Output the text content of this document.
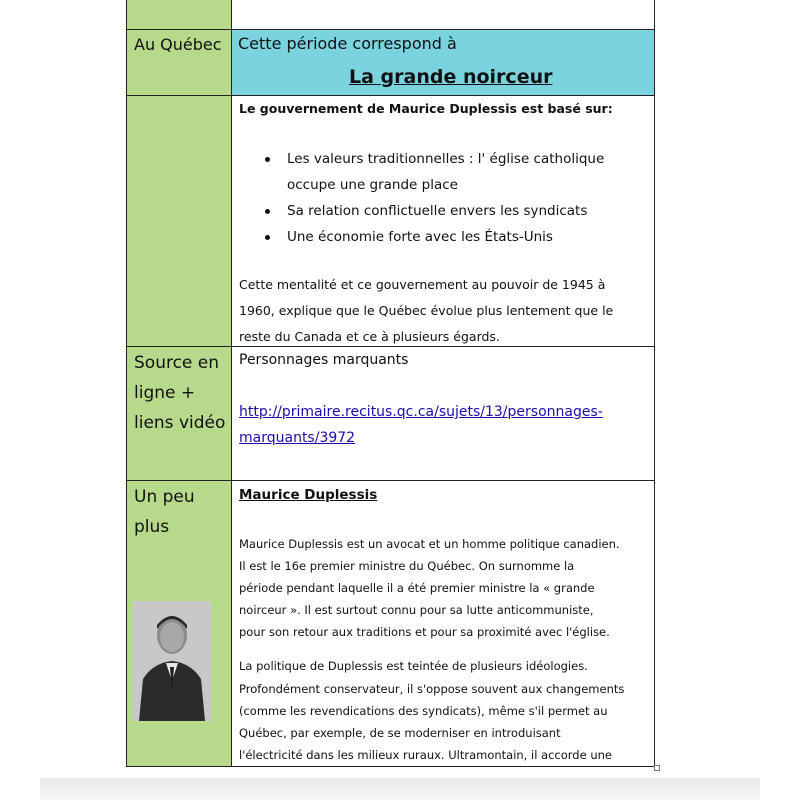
Au Québec Cette période correspond à
La grande noirceur
Le gouvernement de Maurice Duplessis est basé sur:
Les valeurs traditionnelles : l' église catholique
occupe une grande place
Sa relation conflictuelle envers les syndicats
Une économie forte avec les États-Unis
Cette mentalité et ce gouvernement au pouvoir de 1945 à
1960, explique que le Québec évolue plus lentement que le
reste du Canada et ce à plusieurs égards.
Source en
ligne +
liens vidéo
Personnages marquants
http://primaire.recitus.qc.ca/sujets/13/personnages-
marquants/3972
Un peu
plus
Maurice Duplessis
Maurice Duplessis est un avocat et un homme politique canadien.
Il est le 16e premier ministre du Québec. On surnomme la
période pendant laquelle il a été premier ministre la « grande
noirceur ». Il est surtout connu pour sa lutte anticommuniste,
pour son retour aux traditions et pour sa proximité avec l'église.
La politique de Duplessis est teintée de plusieurs idéologies.
Profondément conservateur, il s'oppose souvent aux changements
(comme les revendications des syndicats), même s'il permet au
Québec, par exemple, de se moderniser en introduisant
l'électricité dans les milieux ruraux. Ultramontain, il accorde une
